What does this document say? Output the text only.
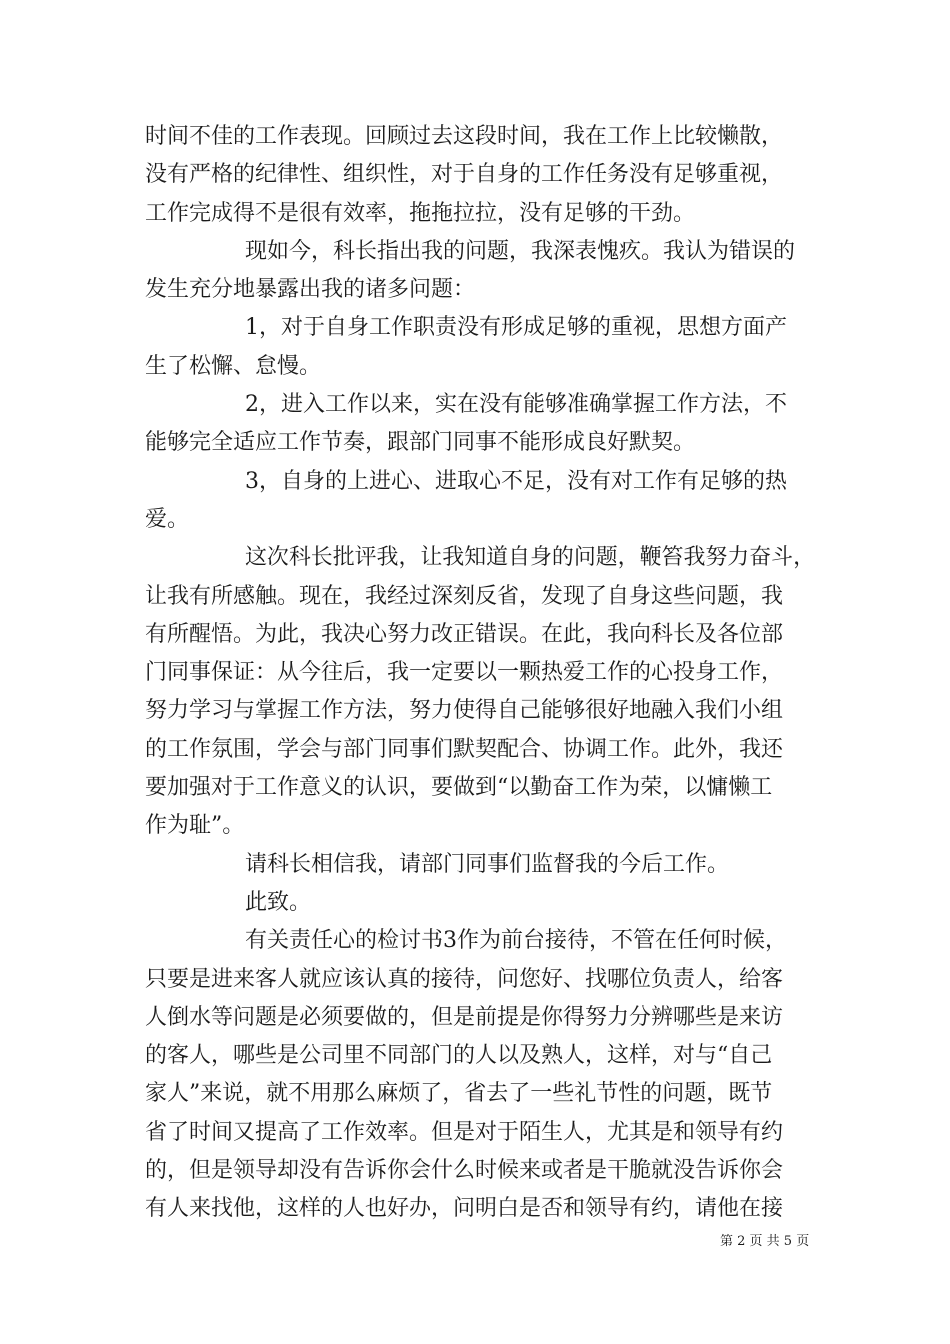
时间不佳的工作表现。回顾过去这段时间，我在工作上比较懒散，
没有严格的纪律性、组织性，对于自身的工作任务没有足够重视，
工作完成得不是很有效率，拖拖拉拉，没有足够的干劲。
现如今，科长指出我的问题，我深表愧疚。我认为错误的
发生充分地暴露出我的诸多问题：
1，对于自身工作职责没有形成足够的重视，思想方面产
生了松懈、怠慢。
2，进入工作以来，实在没有能够准确掌握工作方法，不
能够完全适应工作节奏，跟部门同事不能形成良好默契。
3，自身的上进心、进取心不足，没有对工作有足够的热
爱。
这次科长批评我，让我知道自身的问题，鞭笞我努力奋斗，
让我有所感触。现在，我经过深刻反省，发现了自身这些问题，我
有所醒悟。为此，我决心努力改正错误。在此，我向科长及各位部
门同事保证：从今往后，我一定要以一颗热爱工作的心投身工作，
努力学习与掌握工作方法，努力使得自己能够很好地融入我们小组
的工作氛围，学会与部门同事们默契配合、协调工作。此外，我还
要加强对于工作意义的认识，要做到“以勤奋工作为荣，以慵懒工
作为耻”。
请科长相信我，请部门同事们监督我的今后工作。
此致。
有关责任心的检讨书3作为前台接待，不管在任何时候，
只要是进来客人就应该认真的接待，问您好、找哪位负责人，给客
人倒水等问题是必须要做的，但是前提是你得努力分辨哪些是来访
的客人，哪些是公司里不同部门的人以及熟人，这样，对与“自己
家人”来说，就不用那么麻烦了，省去了一些礼节性的问题，既节
省了时间又提高了工作效率。但是对于陌生人，尤其是和领导有约
的，但是领导却没有告诉你会什么时候来或者是干脆就没告诉你会
有人来找他，这样的人也好办，问明白是否和领导有约，请他在接
第 2 页 共 5 页
